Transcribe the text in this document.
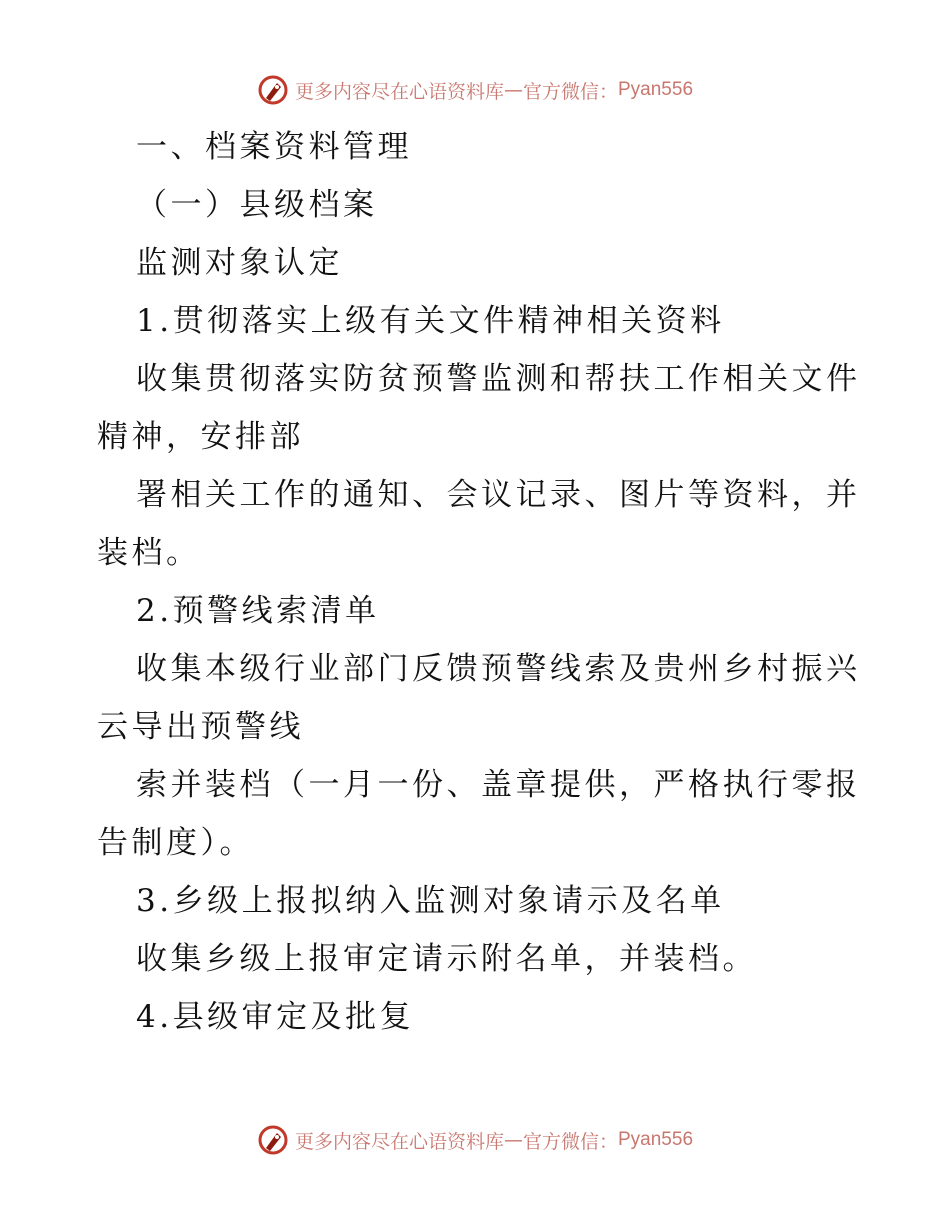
更多内容尽在心语资料库 — 官方微信： Pyan556

一、档案资料管理

（一）县级档案

监测对象认定

1.贯彻落实上级有关文件精神相关资料

收集贯彻落实防贫预警监测和帮扶工作相关文件

精神，安排部

署相关工作的通知、会议记录、图片等资料，并

装档。

2.预警线索清单

收集本级行业部门反馈预警线索及贵州乡村振兴

云导出预警线

索并装档（一月一份、盖章提供，严格执行零报

告制度）。

3.乡级上报拟纳入监测对象请示及名单

收集乡级上报审定请示附名单，并装档。

4.县级审定及批复

更多内容尽在心语资料库 — 官方微信： Pyan556
